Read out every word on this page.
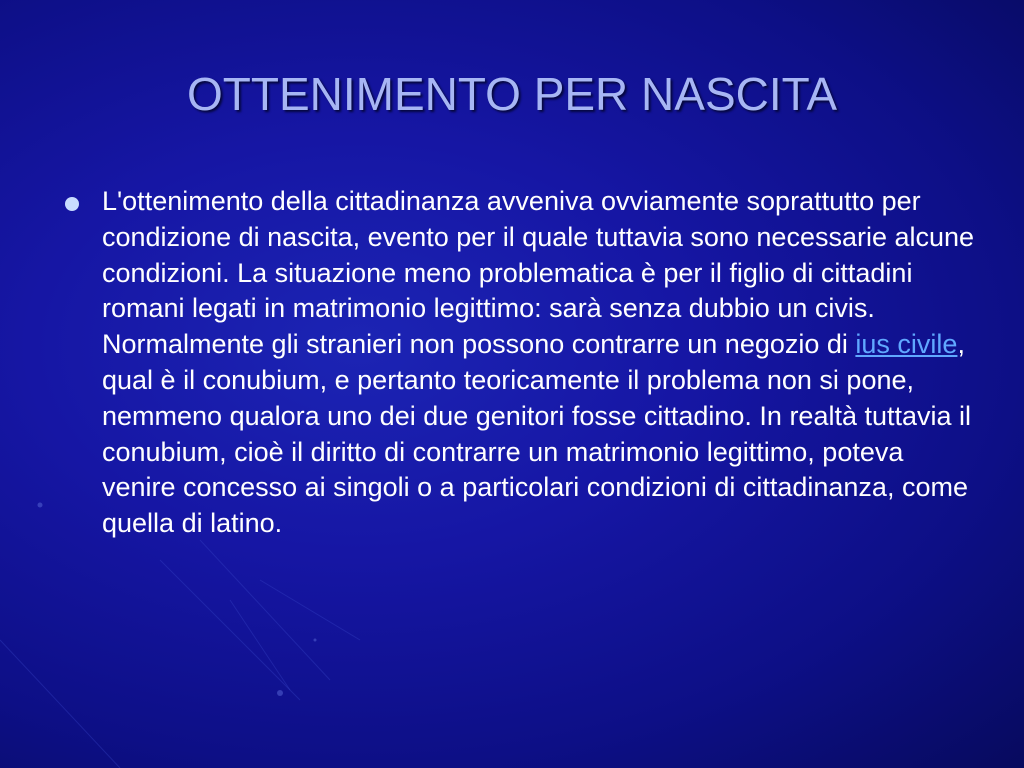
OTTENIMENTO PER NASCITA
L'ottenimento della cittadinanza avveniva ovviamente soprattutto per condizione di nascita, evento per il quale tuttavia sono necessarie alcune condizioni. La situazione meno problematica è per il figlio di cittadini romani legati in matrimonio legittimo: sarà senza dubbio un civis. Normalmente gli stranieri non possono contrarre un negozio di ius civile, qual è il conubium, e pertanto teoricamente il problema non si pone, nemmeno qualora uno dei due genitori fosse cittadino. In realtà tuttavia il conubium, cioè il diritto di contrarre un matrimonio legittimo, poteva venire concesso ai singoli o a particolari condizioni di cittadinanza, come quella di latino.
